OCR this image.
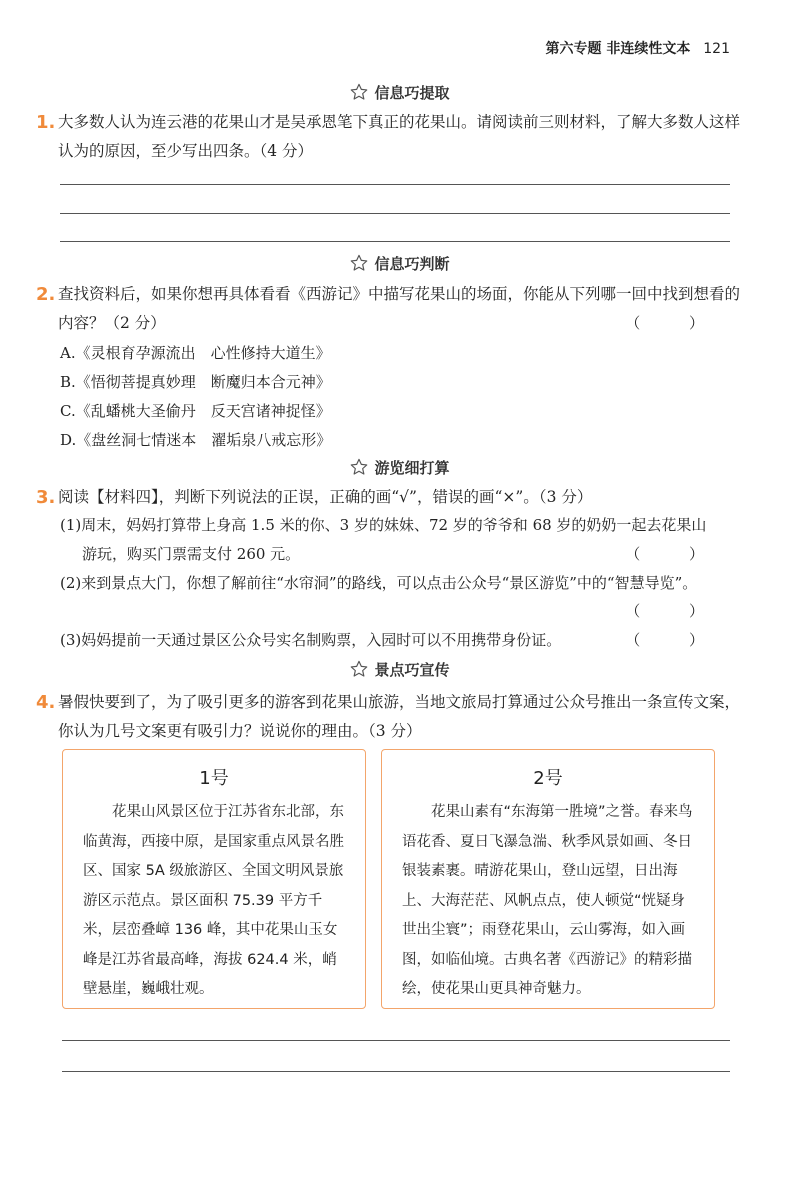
第六专题 非连续性文本 121
信息巧提取
1. 大多数人认为连云港的花果山才是吴承恩笔下真正的花果山。请阅读前三则材料，了解大多数人这样认为的原因，至少写出四条。（4 分）
信息巧判断
2. 查找资料后，如果你想再具体看看《西游记》中描写花果山的场面，你能从下列哪一回中找到想看的内容？（2 分）	（ ）
A.《灵根育孕源流出　心性修持大道生》
B.《悟彻菩提真妙理　断魔归本合元神》
C.《乱蟠桃大圣偷丹　反天宫诸神捉怪》
D.《盘丝洞七情迷本　濯垢泉八戒忘形》
游览细打算
3. 阅读【材料四】，判断下列说法的正误，正确的画“√”，错误的画“×”。（3 分）
(1)周末，妈妈打算带上身高 1.5 米的你、3 岁的妹妹、72 岁的爷爷和 68 岁的奶奶一起去花果山
游玩，购买门票需支付 260 元。	（ ）
(2)来到景点大门，你想了解前往“水帘洞”的路线，可以点击公众号“景区游览”中的“智慧导览”。
（ ）
(3)妈妈提前一天通过景区公众号实名制购票，入园时可以不用携带身份证。	（ ）
景点巧宣传
4. 暑假快要到了，为了吸引更多的游客到花果山旅游，当地文旅局打算通过公众号推出一条宣传文案，你认为几号文案更有吸引力？说说你的理由。（3 分）
1号
花果山风景区位于江苏省东北部，东临黄海，西接中原，是国家重点风景名胜区、国家 5A 级旅游区、全国文明风景旅游区示范点。景区面积 75.39 平方千米，层峦叠嶂 136 峰，其中花果山玉女峰是江苏省最高峰，海拔 624.4 米，峭壁悬崖，巍峨壮观。
2号
花果山素有“东海第一胜境”之誉。春来鸟语花香、夏日飞瀑急湍、秋季风景如画、冬日银装素裹。晴游花果山，登山远望，日出海上、大海茫茫、风帆点点，使人顿觉“恍疑身世出尘寰”；雨登花果山，云山雾海，如入画图，如临仙境。古典名著《西游记》的精彩描绘，使花果山更具神奇魅力。
